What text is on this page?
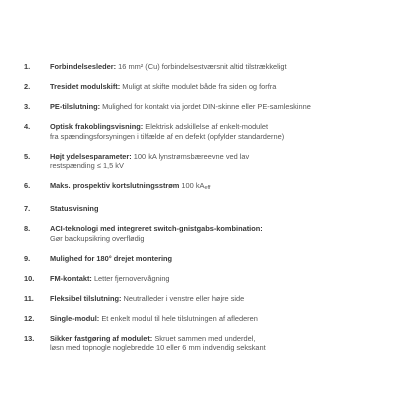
1.	Forbindelsesleder: 16 mm² (Cu) forbindelsestværsnit altid tilstrækkeligt
2.	Tresidet modulskift: Muligt at skifte modulet både fra siden og forfra
3.	PE-tilslutning: Mulighed for kontakt via jordet DIN-skinne eller PE-samleskinne
4.	Optisk frakoblingsvisning: Elektrisk adskillelse af enkelt-modulet
fra spændingsforsyningen i tilfælde af en defekt (opfylder standarderne)
5.	Højt ydelsesparameter: 100 kA lynstrømsbæreevne ved lav
restspænding ≤ 1,5 kV
6.	Maks. prospektiv kortslutningsstrøm 100 kAeff
7.	Statusvisning
8.	ACI-teknologi med integreret switch-gnistgabs-kombination:
Gør backupsikring overflødig
9.	Mulighed for 180° drejet montering
10.	FM-kontakt: Letter fjernovervågning
11.	Fleksibel tilslutning: Neutralleder i venstre eller højre side
12.	Single-modul: Et enkelt modul til hele tilslutningen af aflederen
13.	Sikker fastgøring af modulet: Skruet sammen med underdel,
løsn med topnogle noglebredde 10 eller 6 mm indvendig sekskant
